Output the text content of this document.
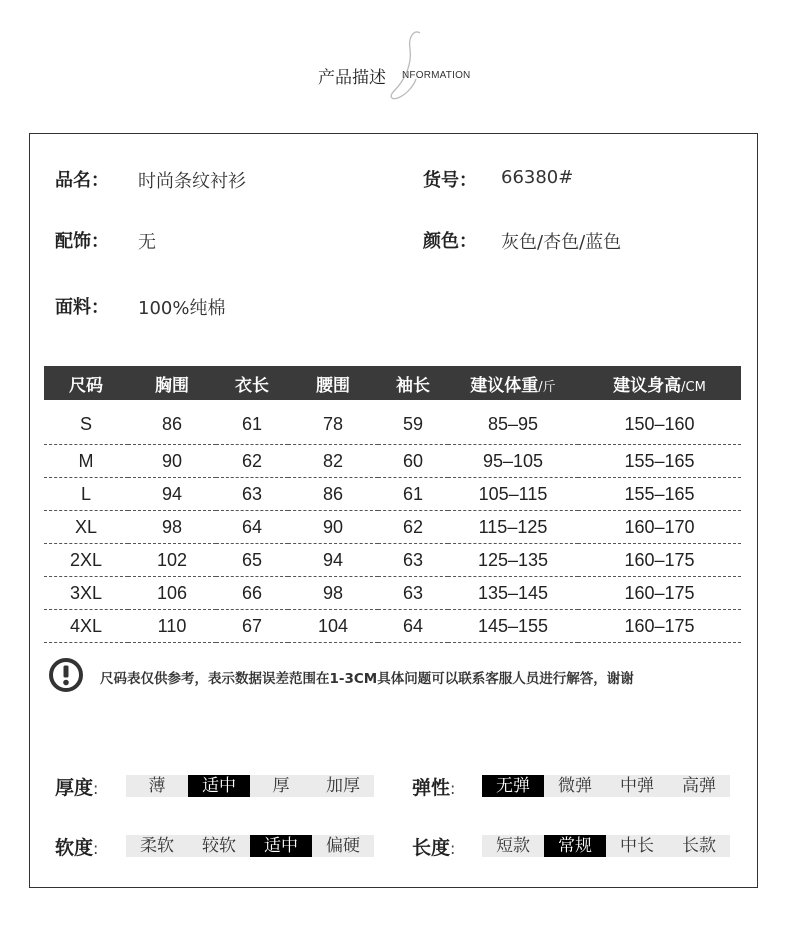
产品描述 NFORMATION
品名： 时尚条纹衬衫	货号： 66380#
配饰： 无	颜色： 灰色/杏色/蓝色
面料： 100%纯棉
尺码	胸围	衣长	腰围	袖长	建议体重/斤	建议身高/CM
S	86	61	78	59	85–95	150–160
M	90	62	82	60	95–105	155–165
L	94	63	86	61	105–115	155–165
XL	98	64	90	62	115–125	160–170
2XL	102	65	94	63	125–135	160–175
3XL	106	66	98	63	135–145	160–175
4XL	110	67	104	64	145–155	160–175
尺码表仅供参考，表示数据误差范围在1-3CM具体问题可以联系客服人员进行解答，谢谢
厚度:	薄	适中	厚	加厚	弹性:	无弹	微弹	中弹	高弹
软度:	柔软	较软	适中	偏硬	长度:	短款	常规	中长	长款
